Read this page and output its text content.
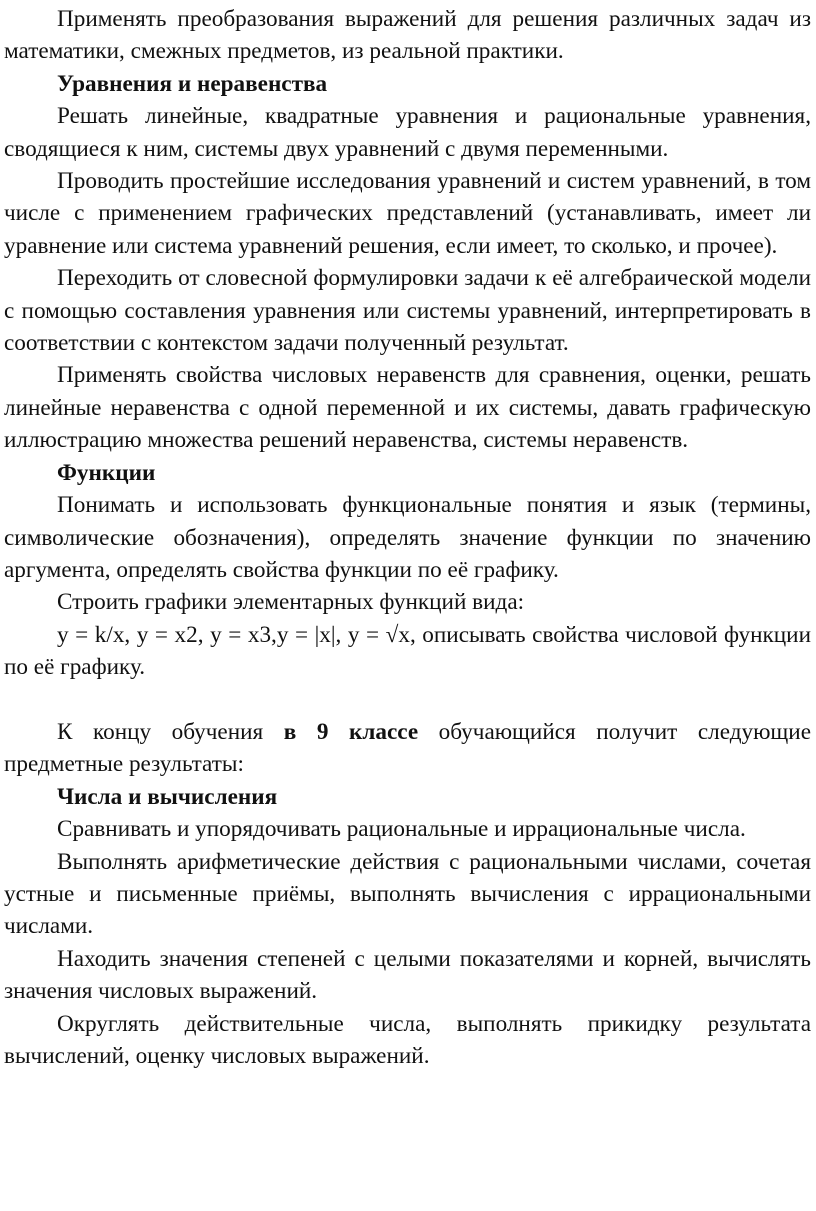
Применять преобразования выражений для решения различных задач из математики, смежных предметов, из реальной практики.

Уравнения и неравенства

Решать линейные, квадратные уравнения и рациональные уравнения, сводящиеся к ним, системы двух уравнений с двумя переменными.

Проводить простейшие исследования уравнений и систем уравнений, в том числе с применением графических представлений (устанавливать, имеет ли уравнение или система уравнений решения, если имеет, то сколько, и прочее).

Переходить от словесной формулировки задачи к её алгебраической модели с помощью составления уравнения или системы уравнений, интерпретировать в соответствии с контекстом задачи полученный результат.

Применять свойства числовых неравенств для сравнения, оценки, решать линейные неравенства с одной переменной и их системы, давать графическую иллюстрацию множества решений неравенства, системы неравенств.

Функции

Понимать и использовать функциональные понятия и язык (термины, символические обозначения), определять значение функции по значению аргумента, определять свойства функции по её графику.

Строить графики элементарных функций вида:

y = k/x, y = x2, y = x3,y = |x|, y = √x, описывать свойства числовой функции по её графику.

К концу обучения в 9 классе обучающийся получит следующие предметные результаты:

Числа и вычисления

Сравнивать и упорядочивать рациональные и иррациональные числа.

Выполнять арифметические действия с рациональными числами, сочетая устные и письменные приёмы, выполнять вычисления с иррациональными числами.

Находить значения степеней с целыми показателями и корней, вычислять значения числовых выражений.

Округлять действительные числа, выполнять прикидку результата вычислений, оценку числовых выражений.
